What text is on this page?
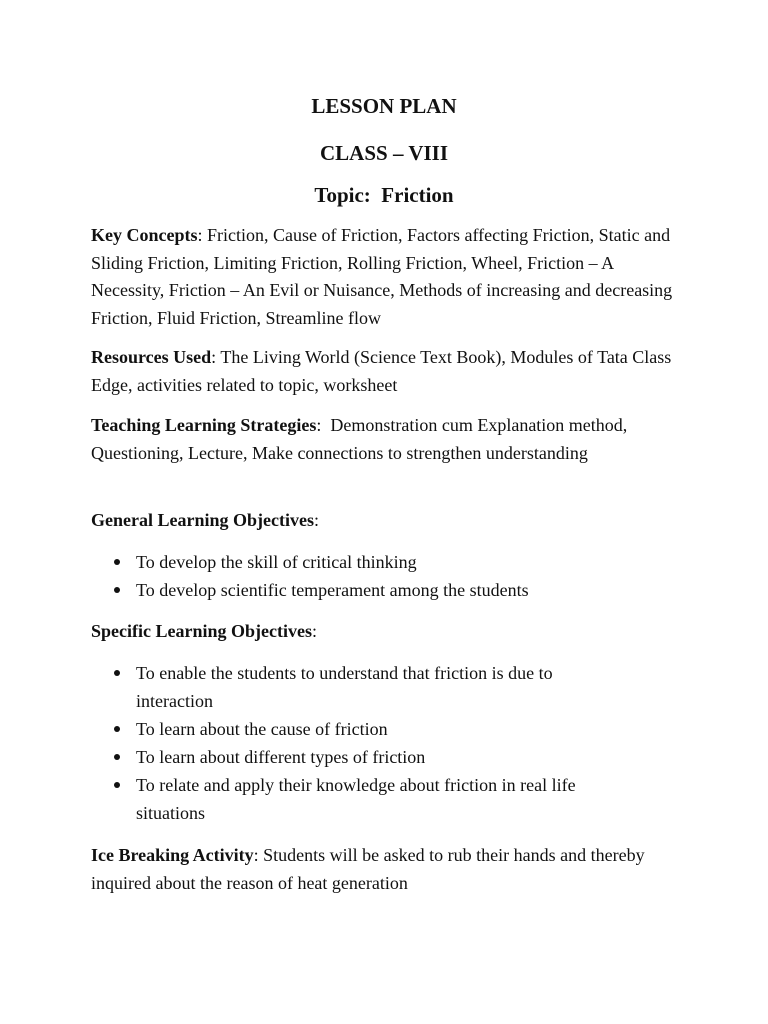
LESSON PLAN
CLASS – VIII
Topic:  Friction

Key Concepts: Friction, Cause of Friction, Factors affecting Friction, Static and Sliding Friction, Limiting Friction, Rolling Friction, Wheel, Friction – A Necessity, Friction – An Evil or Nuisance, Methods of increasing and decreasing Friction, Fluid Friction, Streamline flow

Resources Used: The Living World (Science Text Book), Modules of Tata Class Edge, activities related to topic, worksheet

Teaching Learning Strategies:  Demonstration cum Explanation method, Questioning, Lecture, Make connections to strengthen understanding

General Learning Objectives:

To develop the skill of critical thinking
To develop scientific temperament among the students

Specific Learning Objectives:

To enable the students to understand that friction is due to interaction
To learn about the cause of friction
To learn about different types of friction
To relate and apply their knowledge about friction in real life situations

Ice Breaking Activity: Students will be asked to rub their hands and thereby inquired about the reason of heat generation
